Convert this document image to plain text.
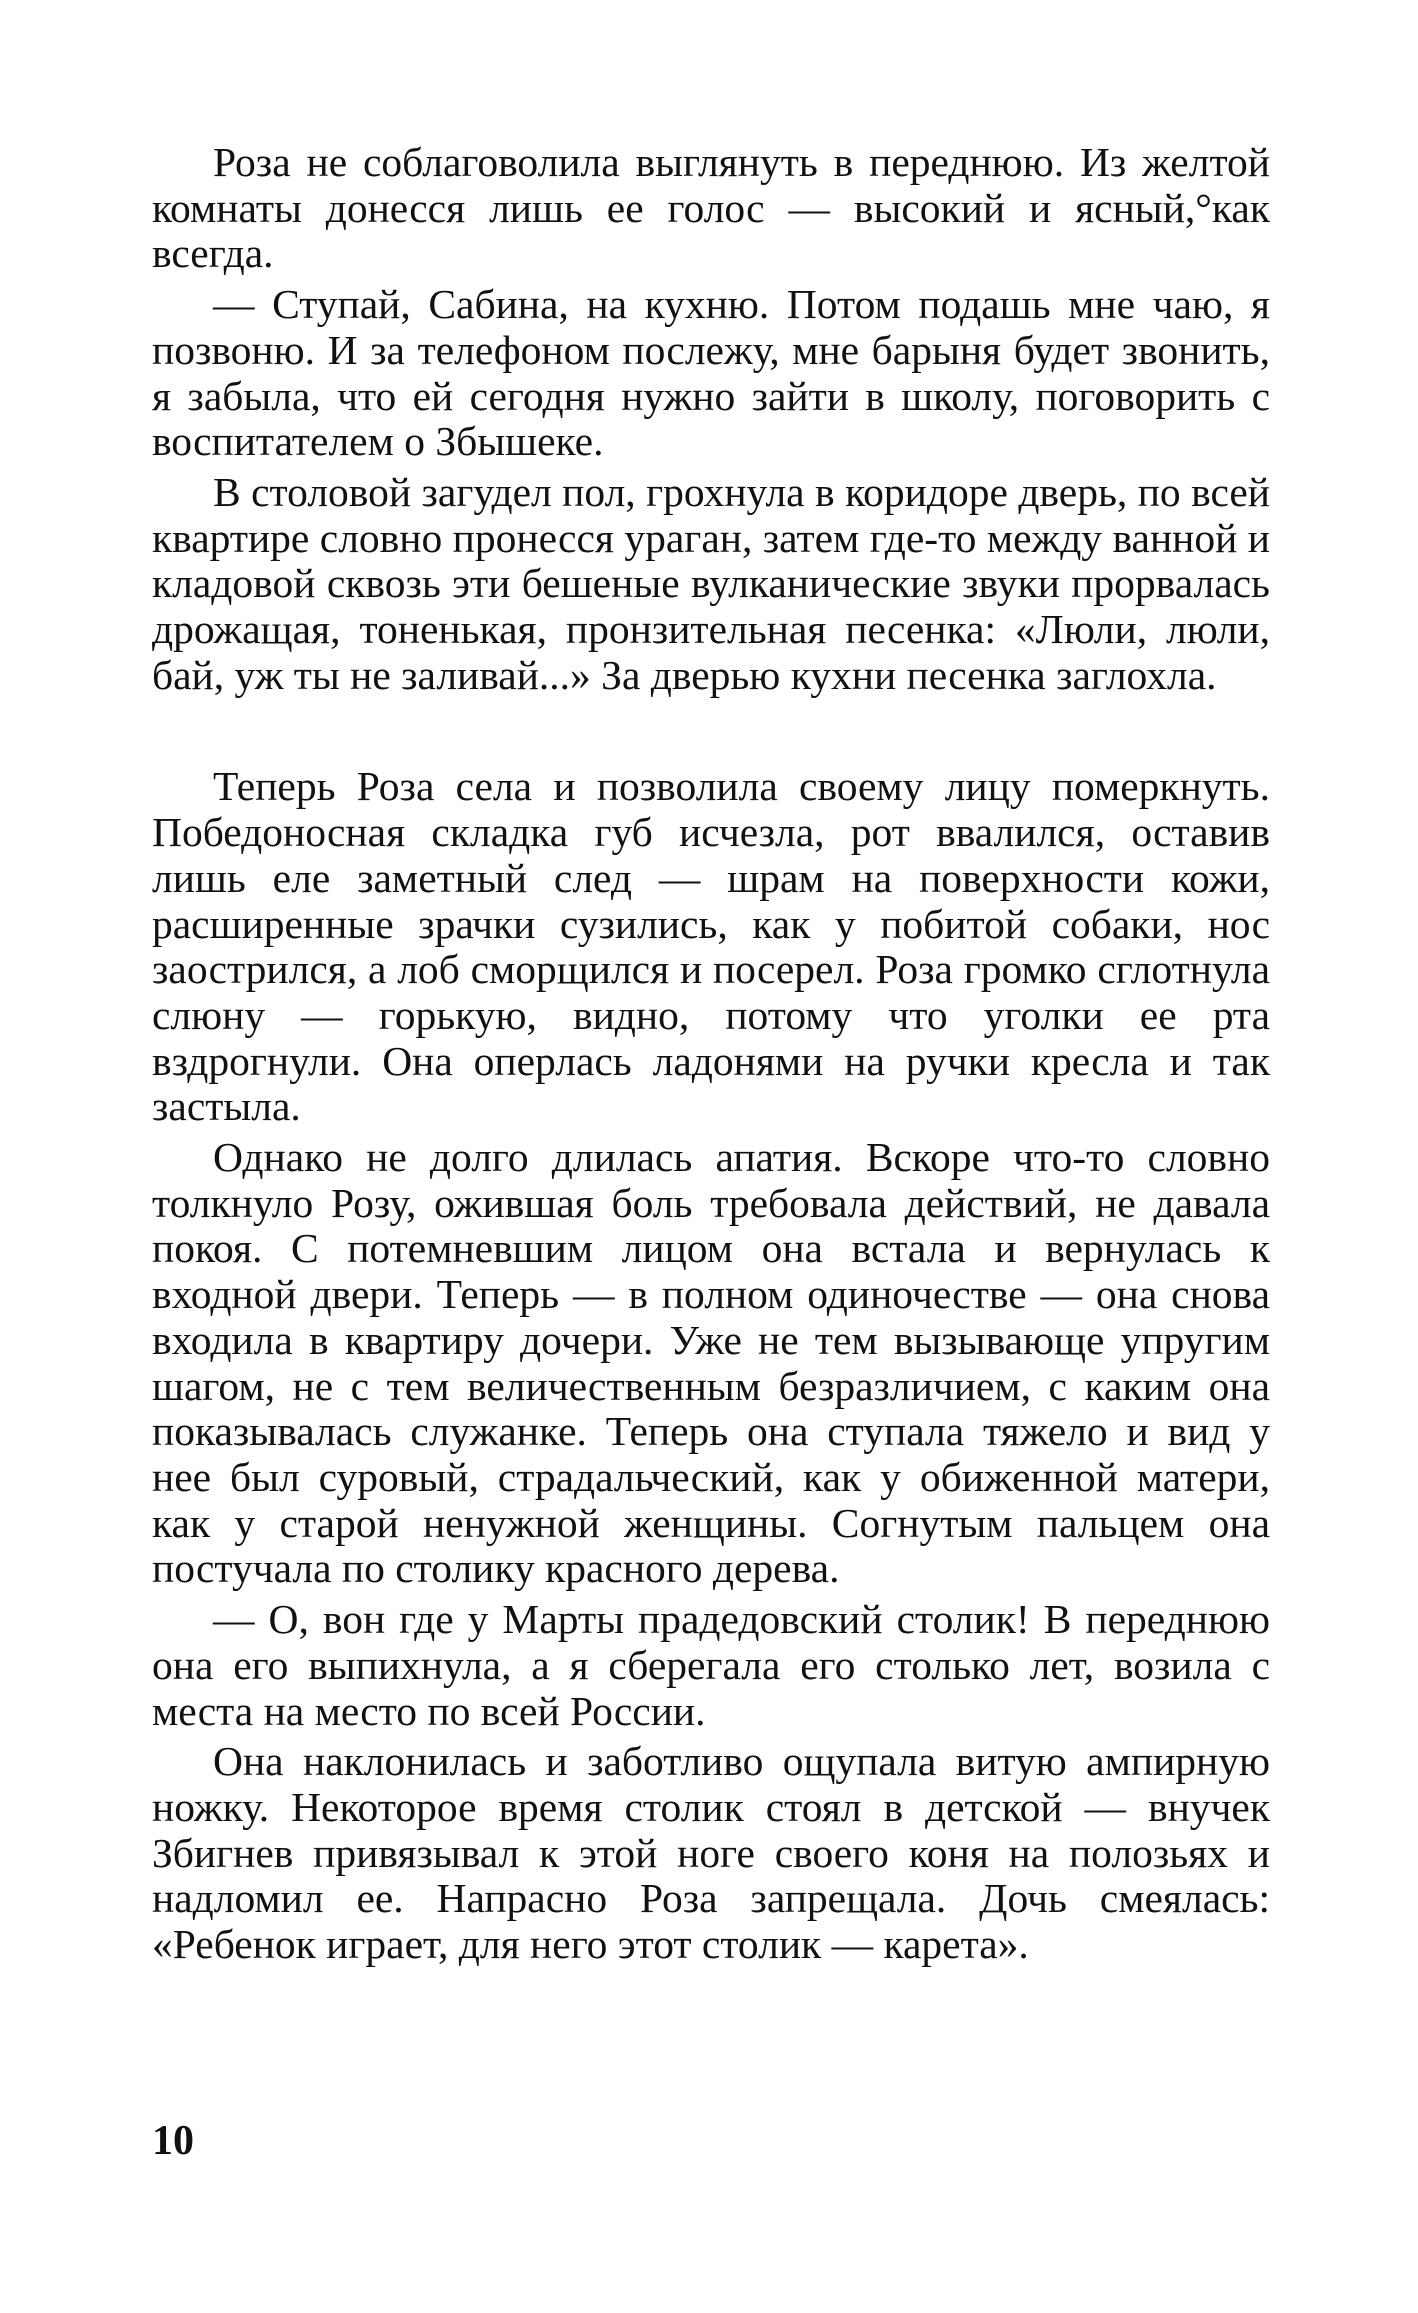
Роза не соблаговолила выглянуть в переднюю. Из желтой комнаты донесся лишь ее голос — высокий и ясный,°как всегда.

— Ступай, Сабина, на кухню. Потом подашь мне чаю, я позвоню. И за телефоном послежу, мне барыня будет звонить, я забыла, что ей сегодня нужно зайти в школу, поговорить с воспитателем о Збышеке.

В столовой загудел пол, грохнула в коридоре дверь, по всей квартире словно пронесся ураган, затем где-то между ванной и кладовой сквозь эти бешеные вулканические звуки прорвалась дрожащая, тоненькая, пронзительная песенка: «Люли, люли, бай, уж ты не заливай...» За дверью кухни песенка заглохла.

Теперь Роза села и позволила своему лицу померкнуть. Победоносная складка губ исчезла, рот ввалился, оставив лишь еле заметный след — шрам на поверхности кожи, расширенные зрачки сузились, как у побитой собаки, нос заострился, а лоб сморщился и посерел. Роза громко сглотнула слюну — горькую, видно, потому что уголки ее рта вздрогнули. Она оперлась ладонями на ручки кресла и так застыла.

Однако не долго длилась апатия. Вскоре что-то словно толкнуло Розу, ожившая боль требовала действий, не давала покоя. С потемневшим лицом она встала и вернулась к входной двери. Теперь — в полном одиночестве — она снова входила в квартиру дочери. Уже не тем вызывающе упругим шагом, не с тем величественным безразличием, с каким она показывалась служанке. Теперь она ступала тяжело и вид у нее был суровый, страдальческий, как у обиженной матери, как у старой ненужной женщины. Согнутым пальцем она постучала по столику красного дерева.

— О, вон где у Марты прадедовский столик! В переднюю она его выпихнула, а я сберегала его столько лет, возила с места на место по всей России.

Она наклонилась и заботливо ощупала витую ампирную ножку. Некоторое время столик стоял в детской — внучек Збигнев привязывал к этой ноге своего коня на полозьях и надломил ее. Напрасно Роза запрещала. Дочь смеялась: «Ребенок играет, для него этот столик — карета».

10
